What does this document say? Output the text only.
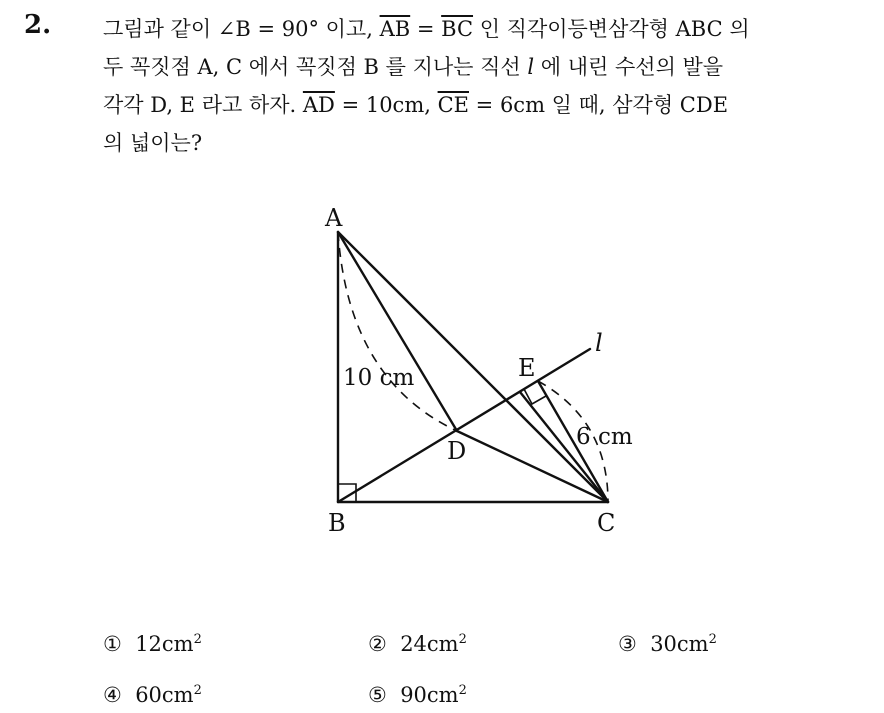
2. 그림과 같이 ∠B = 90° 이고, $\overline{AB} = \overline{BC}$ 인 직각이등변삼각형 ABC 의
두 꼭짓점 A, C 에서 꼭짓점 B 를 지나는 직선 l 에 내린 수선의 발을
각각 D, E 라고 하자. $\overline{AD} = 10cm$, $\overline{CE} = 6cm$ 일 때, 삼각형 CDE
의 넓이는?
A
B	C
D
E
l
10 cm
6 cm
① $12cm^2$	② $24cm^2$	③ $30cm^2$
④ $60cm^2$	⑤ $90cm^2$
